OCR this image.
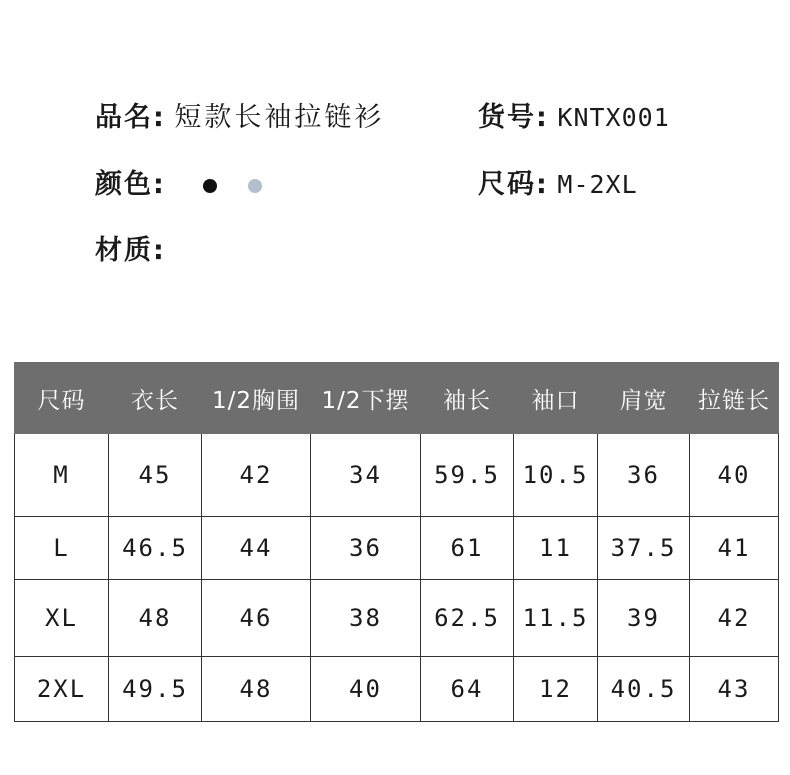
品名: 短款长袖拉链衫	货号: KNTX001
颜色:	尺码: M-2XL
材质:
尺码	衣长	1/2胸围	1/2下摆	袖长	袖口	肩宽	拉链长
M	45	42	34	59.5	10.5	36	40
L	46.5	44	36	61	11	37.5	41
XL	48	46	38	62.5	11.5	39	42
2XL	49.5	48	40	64	12	40.5	43
